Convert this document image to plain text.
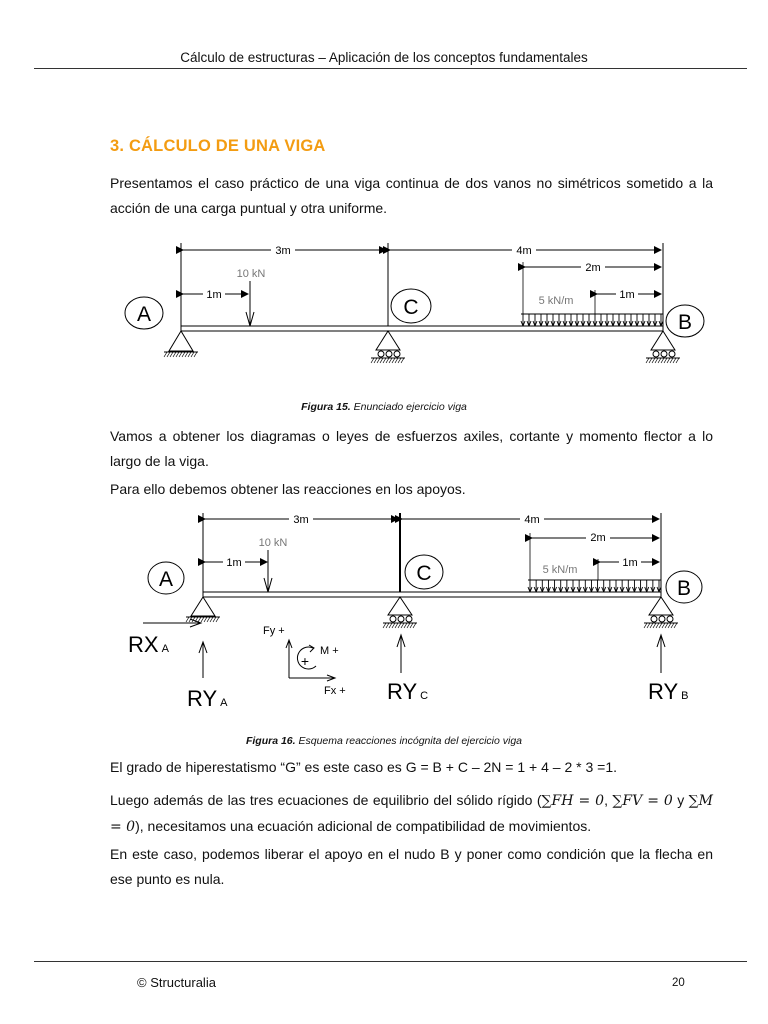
Cálculo de estructuras – Aplicación de los conceptos fundamentales
3. CÁLCULO DE UNA VIGA
Presentamos el caso práctico de una viga continua de dos vanos no simétricos sometido a la acción de una carga puntual y otra uniforme.
3m	4m
2m
1m	1m
10 kN
5 kN/m
A	C
B
Figura 15. Enunciado ejercicio viga
Vamos a obtener los diagramas o leyes de esfuerzos axiles, cortante y momento flector a lo largo de la viga.
Para ello debemos obtener las reacciones en los apoyos.
3m	4m
2m
1m	1m
10 kN
5 kN/m
A	C
B
RX A
RY A	RY C	RY B
Fy +
Fx +
+
M +
Figura 16. Esquema reacciones incógnita del ejercicio viga
El grado de hiperestatismo “G” es este caso es G = B + C – 2N = 1 + 4 – 2 * 3 =1.
Luego además de las tres ecuaciones de equilibrio del sólido rígido (∑FH = 0, ∑FV = 0 y ∑M = 0), necesitamos una ecuación adicional de compatibilidad de movimientos.
En este caso, podemos liberar el apoyo en el nudo B y poner como condición que la flecha en ese punto es nula.
© Structuralia	20
